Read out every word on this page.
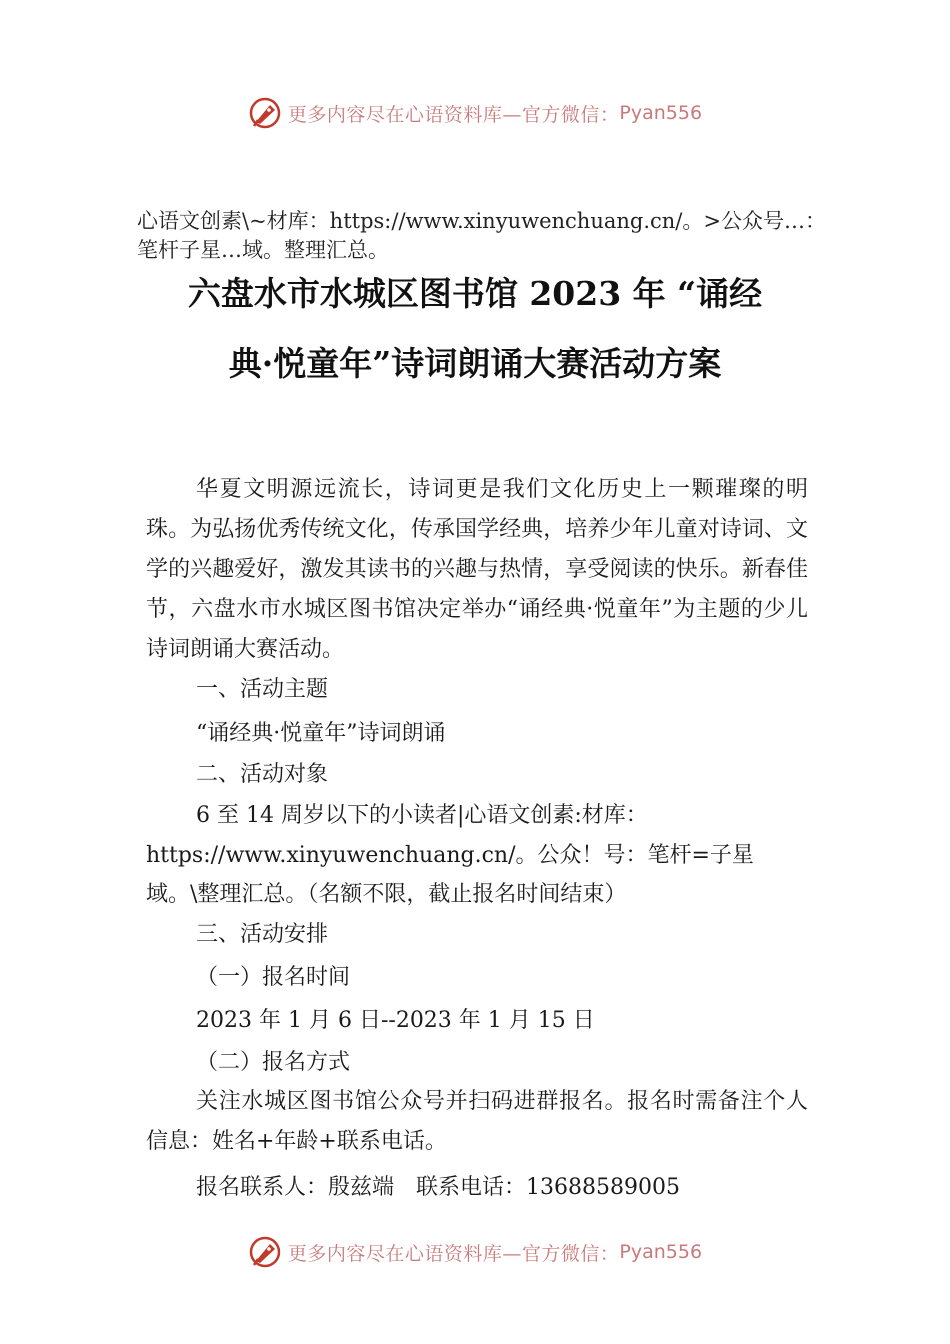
更多内容尽在心语资料库—官方微信： Pyan556
心语文创素\~材库：https://www.xinyuwenchuang.cn/。>公众号…：笔杆子星…域。整理汇总。
六盘水市水城区图书馆 2023 年 “诵经
典·悦童年”诗词朗诵大赛活动方案

华夏文明源远流长，诗词更是我们文化历史上一颗璀璨的明珠。为弘扬优秀传统文化，传承国学经典，培养少年儿童对诗词、文学的兴趣爱好，激发其读书的兴趣与热情，享受阅读的快乐。新春佳节，六盘水市水城区图书馆决定举办“诵经典·悦童年”为主题的少儿诗词朗诵大赛活动。

一、活动主题
“诵经典·悦童年”诗词朗诵
二、活动对象
6 至 14 周岁以下的小读者|心语文创素:材库：
https://www.xinyuwenchuang.cn/。公众！号：笔杆=子星
域。\整理汇总。（名额不限，截止报名时间结束）
三、活动安排
（一）报名时间
2023 年 1 月 6 日--2023 年 1 月 15 日
（二）报名方式

关注水城区图书馆公众号并扫码进群报名。报名时需备注个人信息：姓名+年龄+联系电话。

报名联系人：殷兹端　联系电话：13688589005
更多内容尽在心语资料库—官方微信： Pyan556
